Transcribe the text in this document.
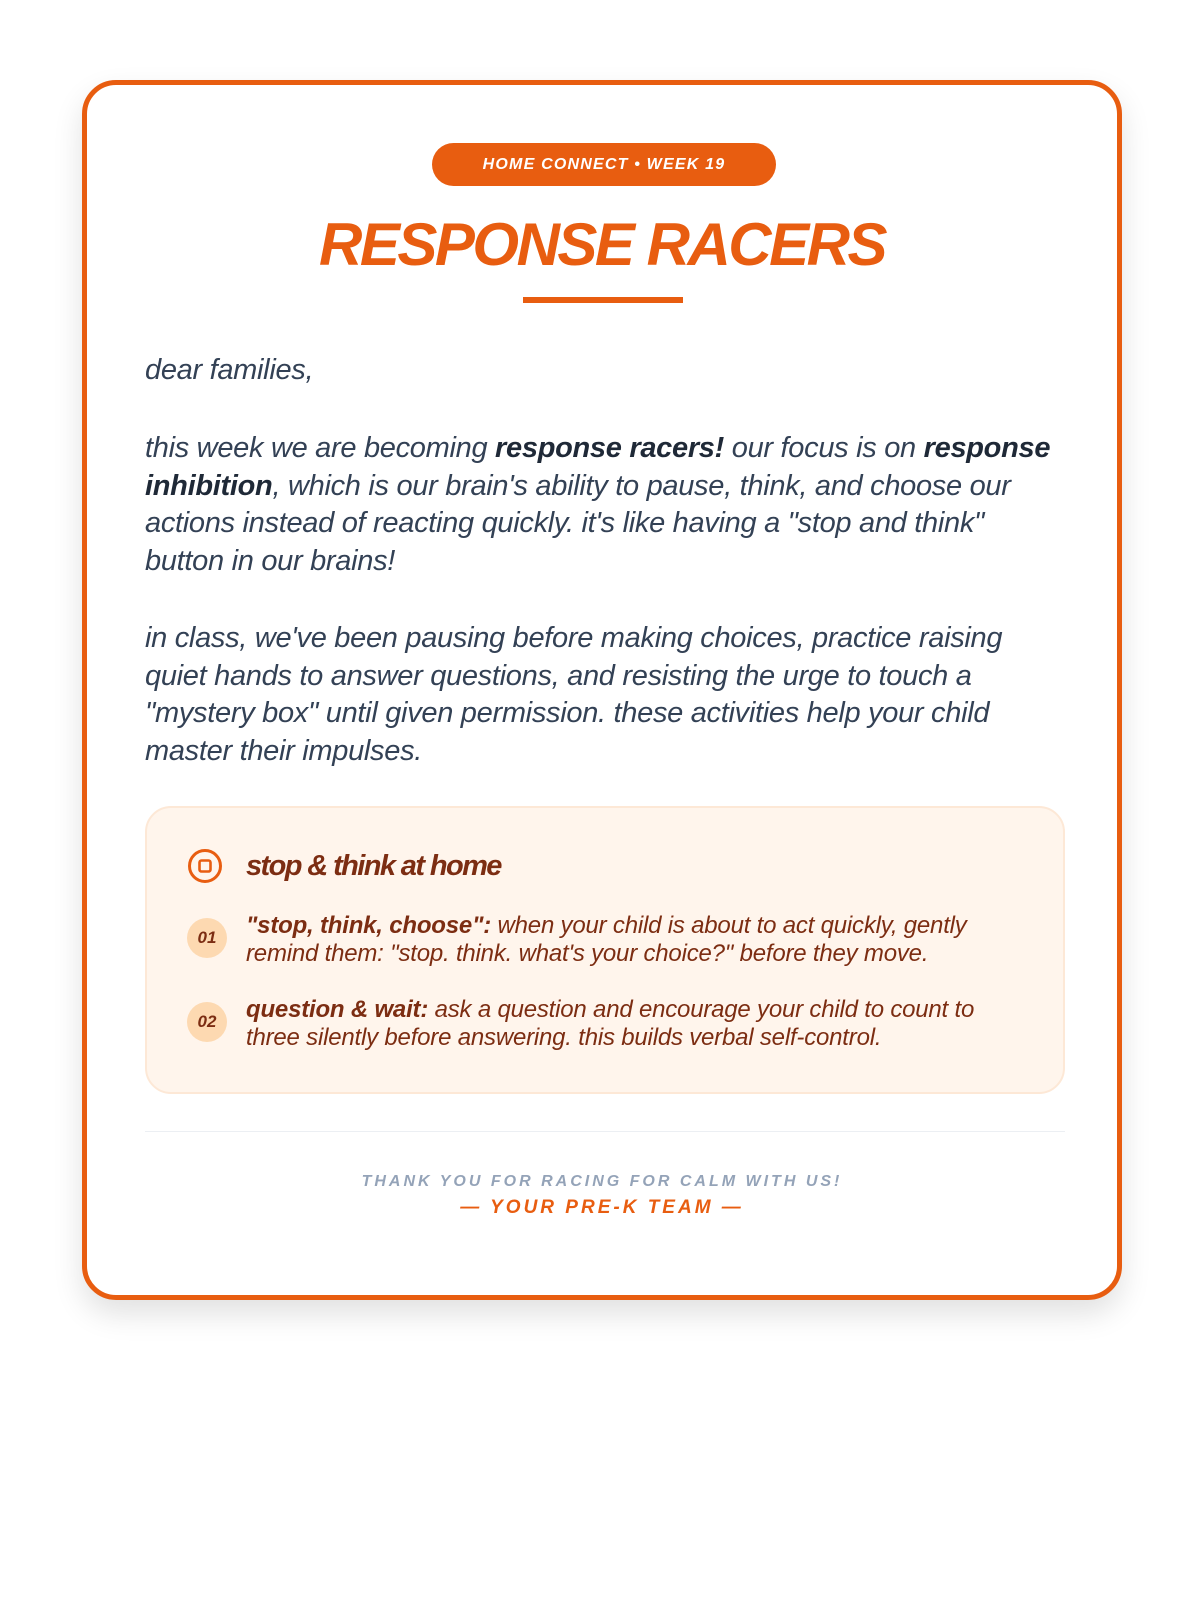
HOME CONNECT • WEEK 19
RESPONSE RACERS

dear families,

this week we are becoming response racers! our focus is on response inhibition, which is our brain's ability to pause, think, and choose our actions instead of reacting quickly. it's like having a "stop and think" button in our brains!

in class, we've been pausing before making choices, practice raising quiet hands to answer questions, and resisting the urge to touch a "mystery box" until given permission. these activities help your child master their impulses.

stop & think at home
01	"stop, think, choose": when your child is about to act quickly, gently remind them: "stop. think. what's your choice?" before they move.
02	question & wait: ask a question and encourage your child to count to three silently before answering. this builds verbal self-control.
THANK YOU FOR RACING FOR CALM WITH US!
— YOUR PRE-K TEAM —
